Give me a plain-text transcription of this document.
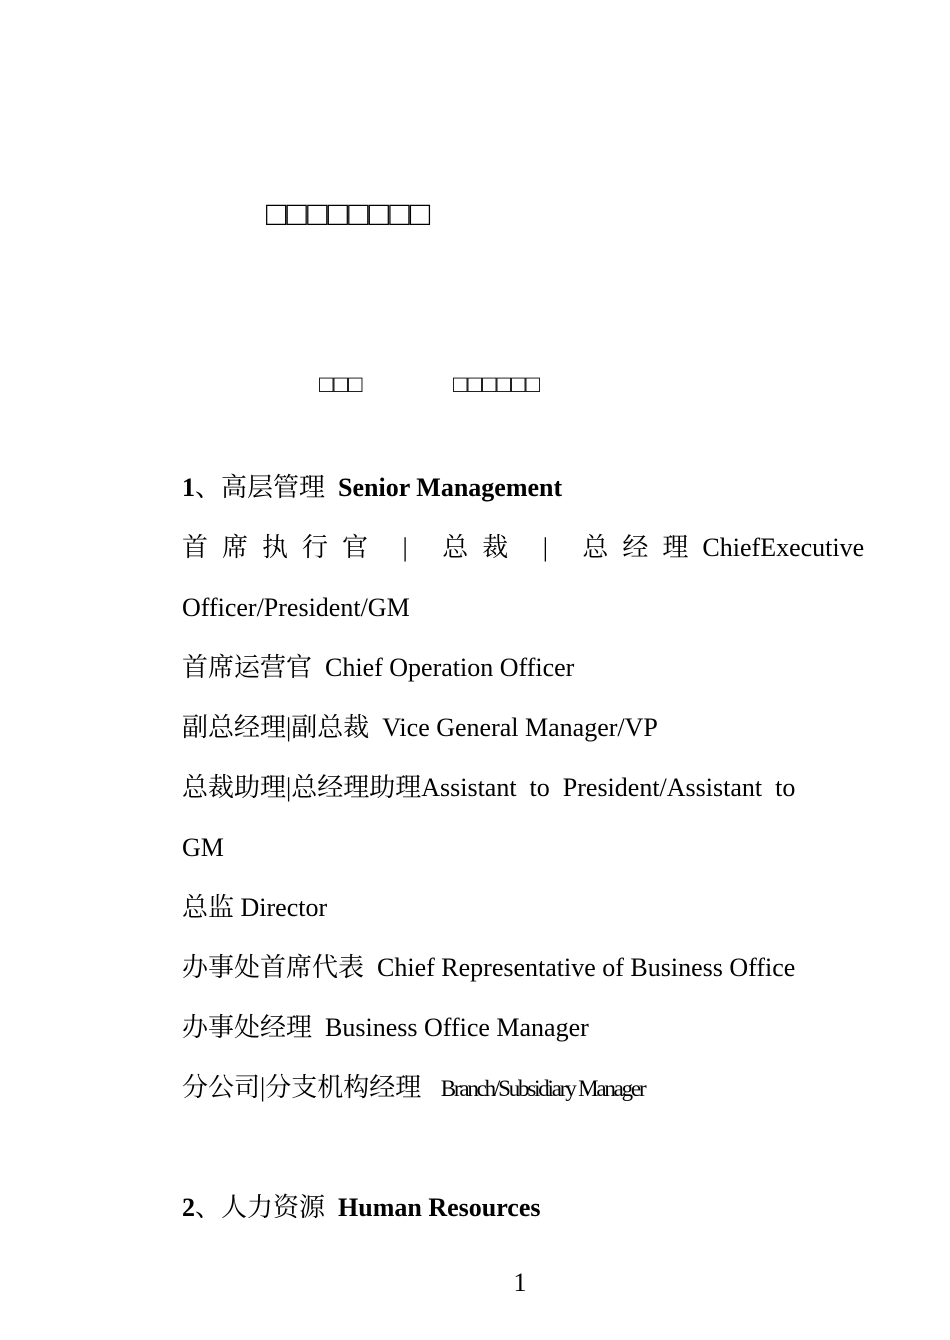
□□□□□□□□
□□□	□□□□□□
1、高层管理 Senior Management
首席执行官 | 总裁 | 总经理 Chief Executive
Officer/President/GM
首席运营官 Chief Operation Officer
副总经理|副总裁 Vice General Manager/VP
总裁助理|总经理助理Assistant  to  President/Assistant  to
GM
总监 Director
办事处首席代表 Chief Representative of Business Office
办事处经理 Business Office Manager
分公司|分支机构经理 Branch/Subsidiary Manager
2、人力资源 Human Resources
1
